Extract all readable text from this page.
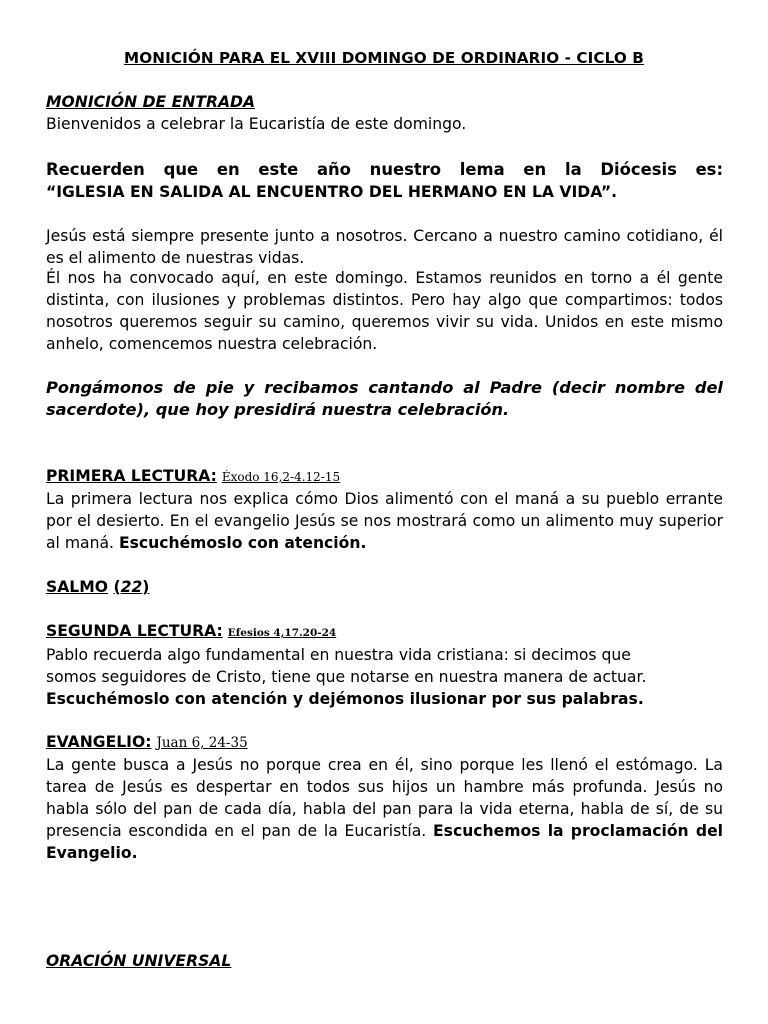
MONICIÓN PARA EL XVIII DOMINGO DE ORDINARIO - CICLO B
MONICIÓN DE ENTRADA
Bienvenidos a celebrar la Eucaristía de este domingo.
Recuerden que en este año nuestro lema en la Diócesis es:
“IGLESIA EN SALIDA AL ENCUENTRO DEL HERMANO EN LA VIDA”.
Jesús está siempre presente junto a nosotros. Cercano a nuestro camino cotidiano, él es el alimento de nuestras vidas.
Él nos ha convocado aquí, en este domingo. Estamos reunidos en torno a él gente distinta, con ilusiones y problemas distintos. Pero hay algo que compartimos: todos nosotros queremos seguir su camino, queremos vivir su vida. Unidos en este mismo anhelo, comencemos nuestra celebración.
Pongámonos de pie y recibamos cantando al Padre (decir nombre del sacerdote), que hoy presidirá nuestra celebración.
PRIMERA LECTURA: Éxodo 16,2-4.12-15
La primera lectura nos explica cómo Dios alimentó con el maná a su pueblo errante por el desierto. En el evangelio Jesús se nos mostrará como un alimento muy superior al maná. Escuchémoslo con atención.
SALMO (22)
SEGUNDA LECTURA: Efesios 4,17.20-24
Pablo recuerda algo fundamental en nuestra vida cristiana: si decimos que
somos seguidores de Cristo, tiene que notarse en nuestra manera de actuar.
Escuchémoslo con atención y dejémonos ilusionar por sus palabras.
EVANGELIO: Juan 6, 24-35
La gente busca a Jesús no porque crea en él, sino porque les llenó el estómago. La tarea de Jesús es despertar en todos sus hijos un hambre más profunda. Jesús no habla sólo del pan de cada día, habla del pan para la vida eterna, habla de sí, de su presencia escondida en el pan de la Eucaristía. Escuchemos la proclamación del Evangelio.
ORACIÓN UNIVERSAL
